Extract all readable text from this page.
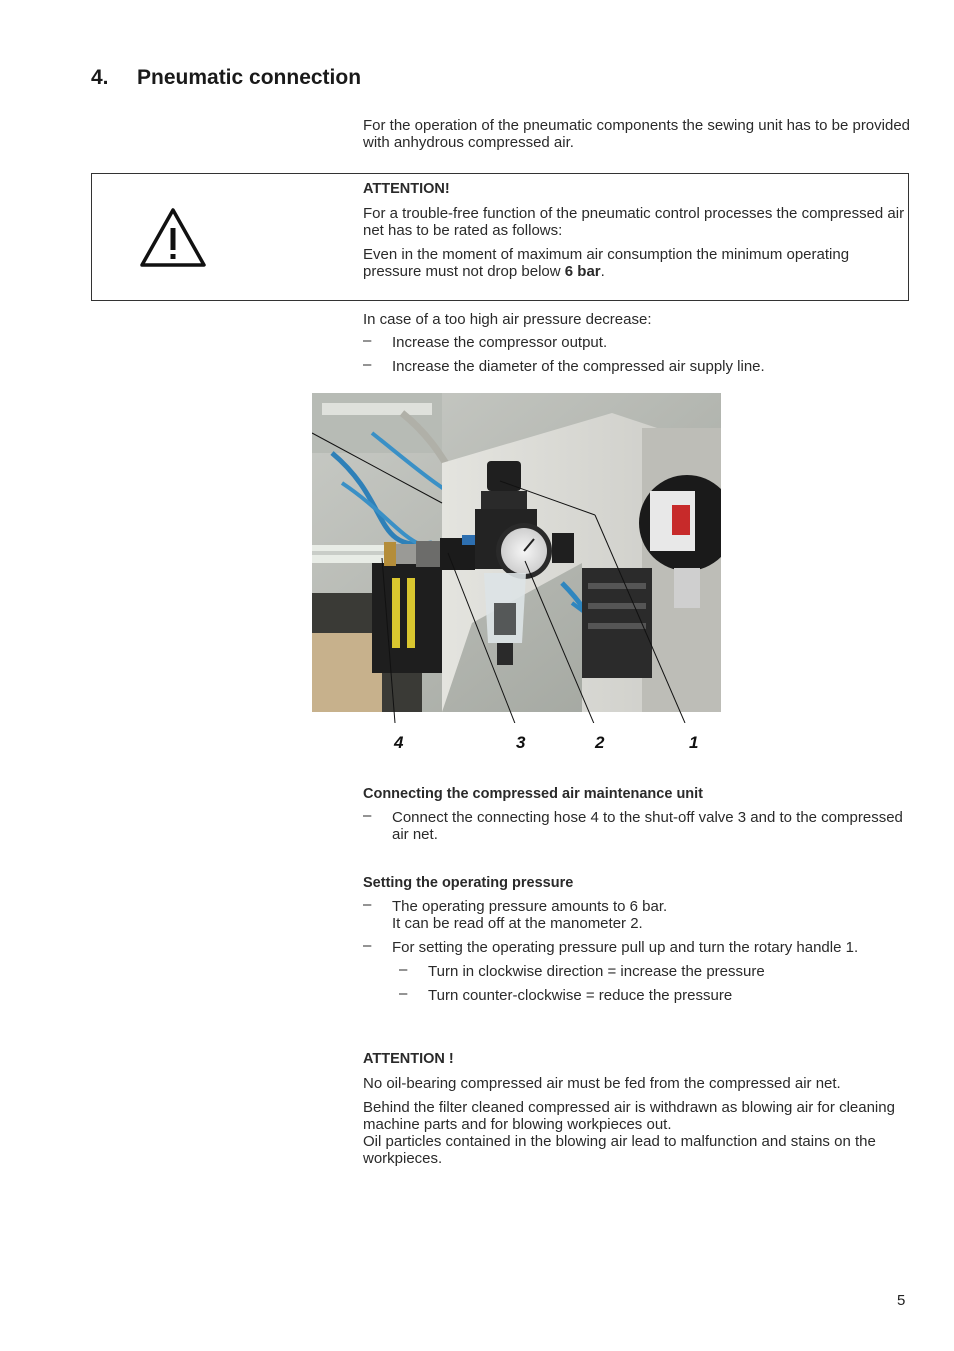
4. Pneumatic connection

For the operation of the pneumatic components the sewing unit has to be provided with anhydrous compressed air.

ATTENTION!

For a trouble-free function of the pneumatic control processes the compressed air net has to be rated as follows:

Even in the moment of maximum air consumption the minimum operating pressure must not drop below 6 bar.

In case of a too high air pressure decrease:

– Increase the compressor output.
– Increase the diameter of the compressed air supply line.
4	3	2	1

Connecting the compressed air maintenance unit

– Connect the connecting hose 4 to the shut-off valve 3 and to the compressed air net.

Setting the operating pressure

– The operating pressure amounts to 6 bar.
It can be read off at the manometer 2.
– For setting the operating pressure pull up and turn the rotary handle 1.
– Turn in clockwise direction = increase the pressure
– Turn counter-clockwise = reduce the pressure

ATTENTION !

No oil-bearing compressed air must be fed from the compressed air net.

Behind the filter cleaned compressed air is withdrawn as blowing air for cleaning machine parts and for blowing workpieces out.

Oil particles contained in the blowing air lead to malfunction and stains on the workpieces.

5
